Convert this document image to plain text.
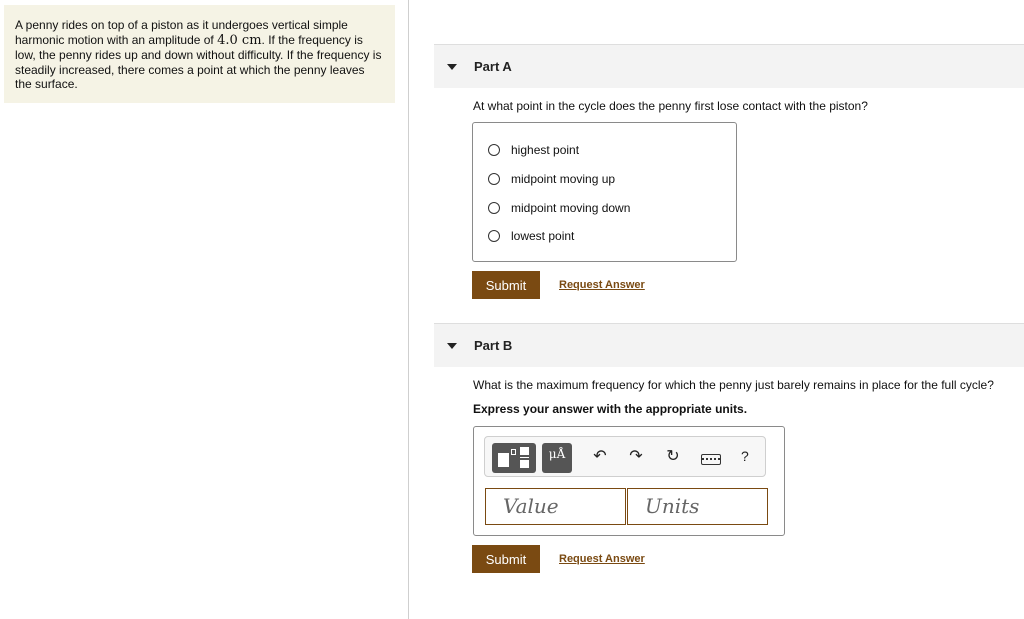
A penny rides on top of a piston as it undergoes vertical simple harmonic motion with an amplitude of 4.0 cm. If the frequency is low, the penny rides up and down without difficulty. If the frequency is steadily increased, there comes a point at which the penny leaves the surface.
Part A
At what point in the cycle does the penny first lose contact with the piston?
highest point
midpoint moving up
midpoint moving down
lowest point
Submit	Request Answer
Part B
What is the maximum frequency for which the penny just barely remains in place for the full cycle?
Express your answer with the appropriate units.
μÅ	↶ ↷ ↻	?
Value	Units
Submit	Request Answer
